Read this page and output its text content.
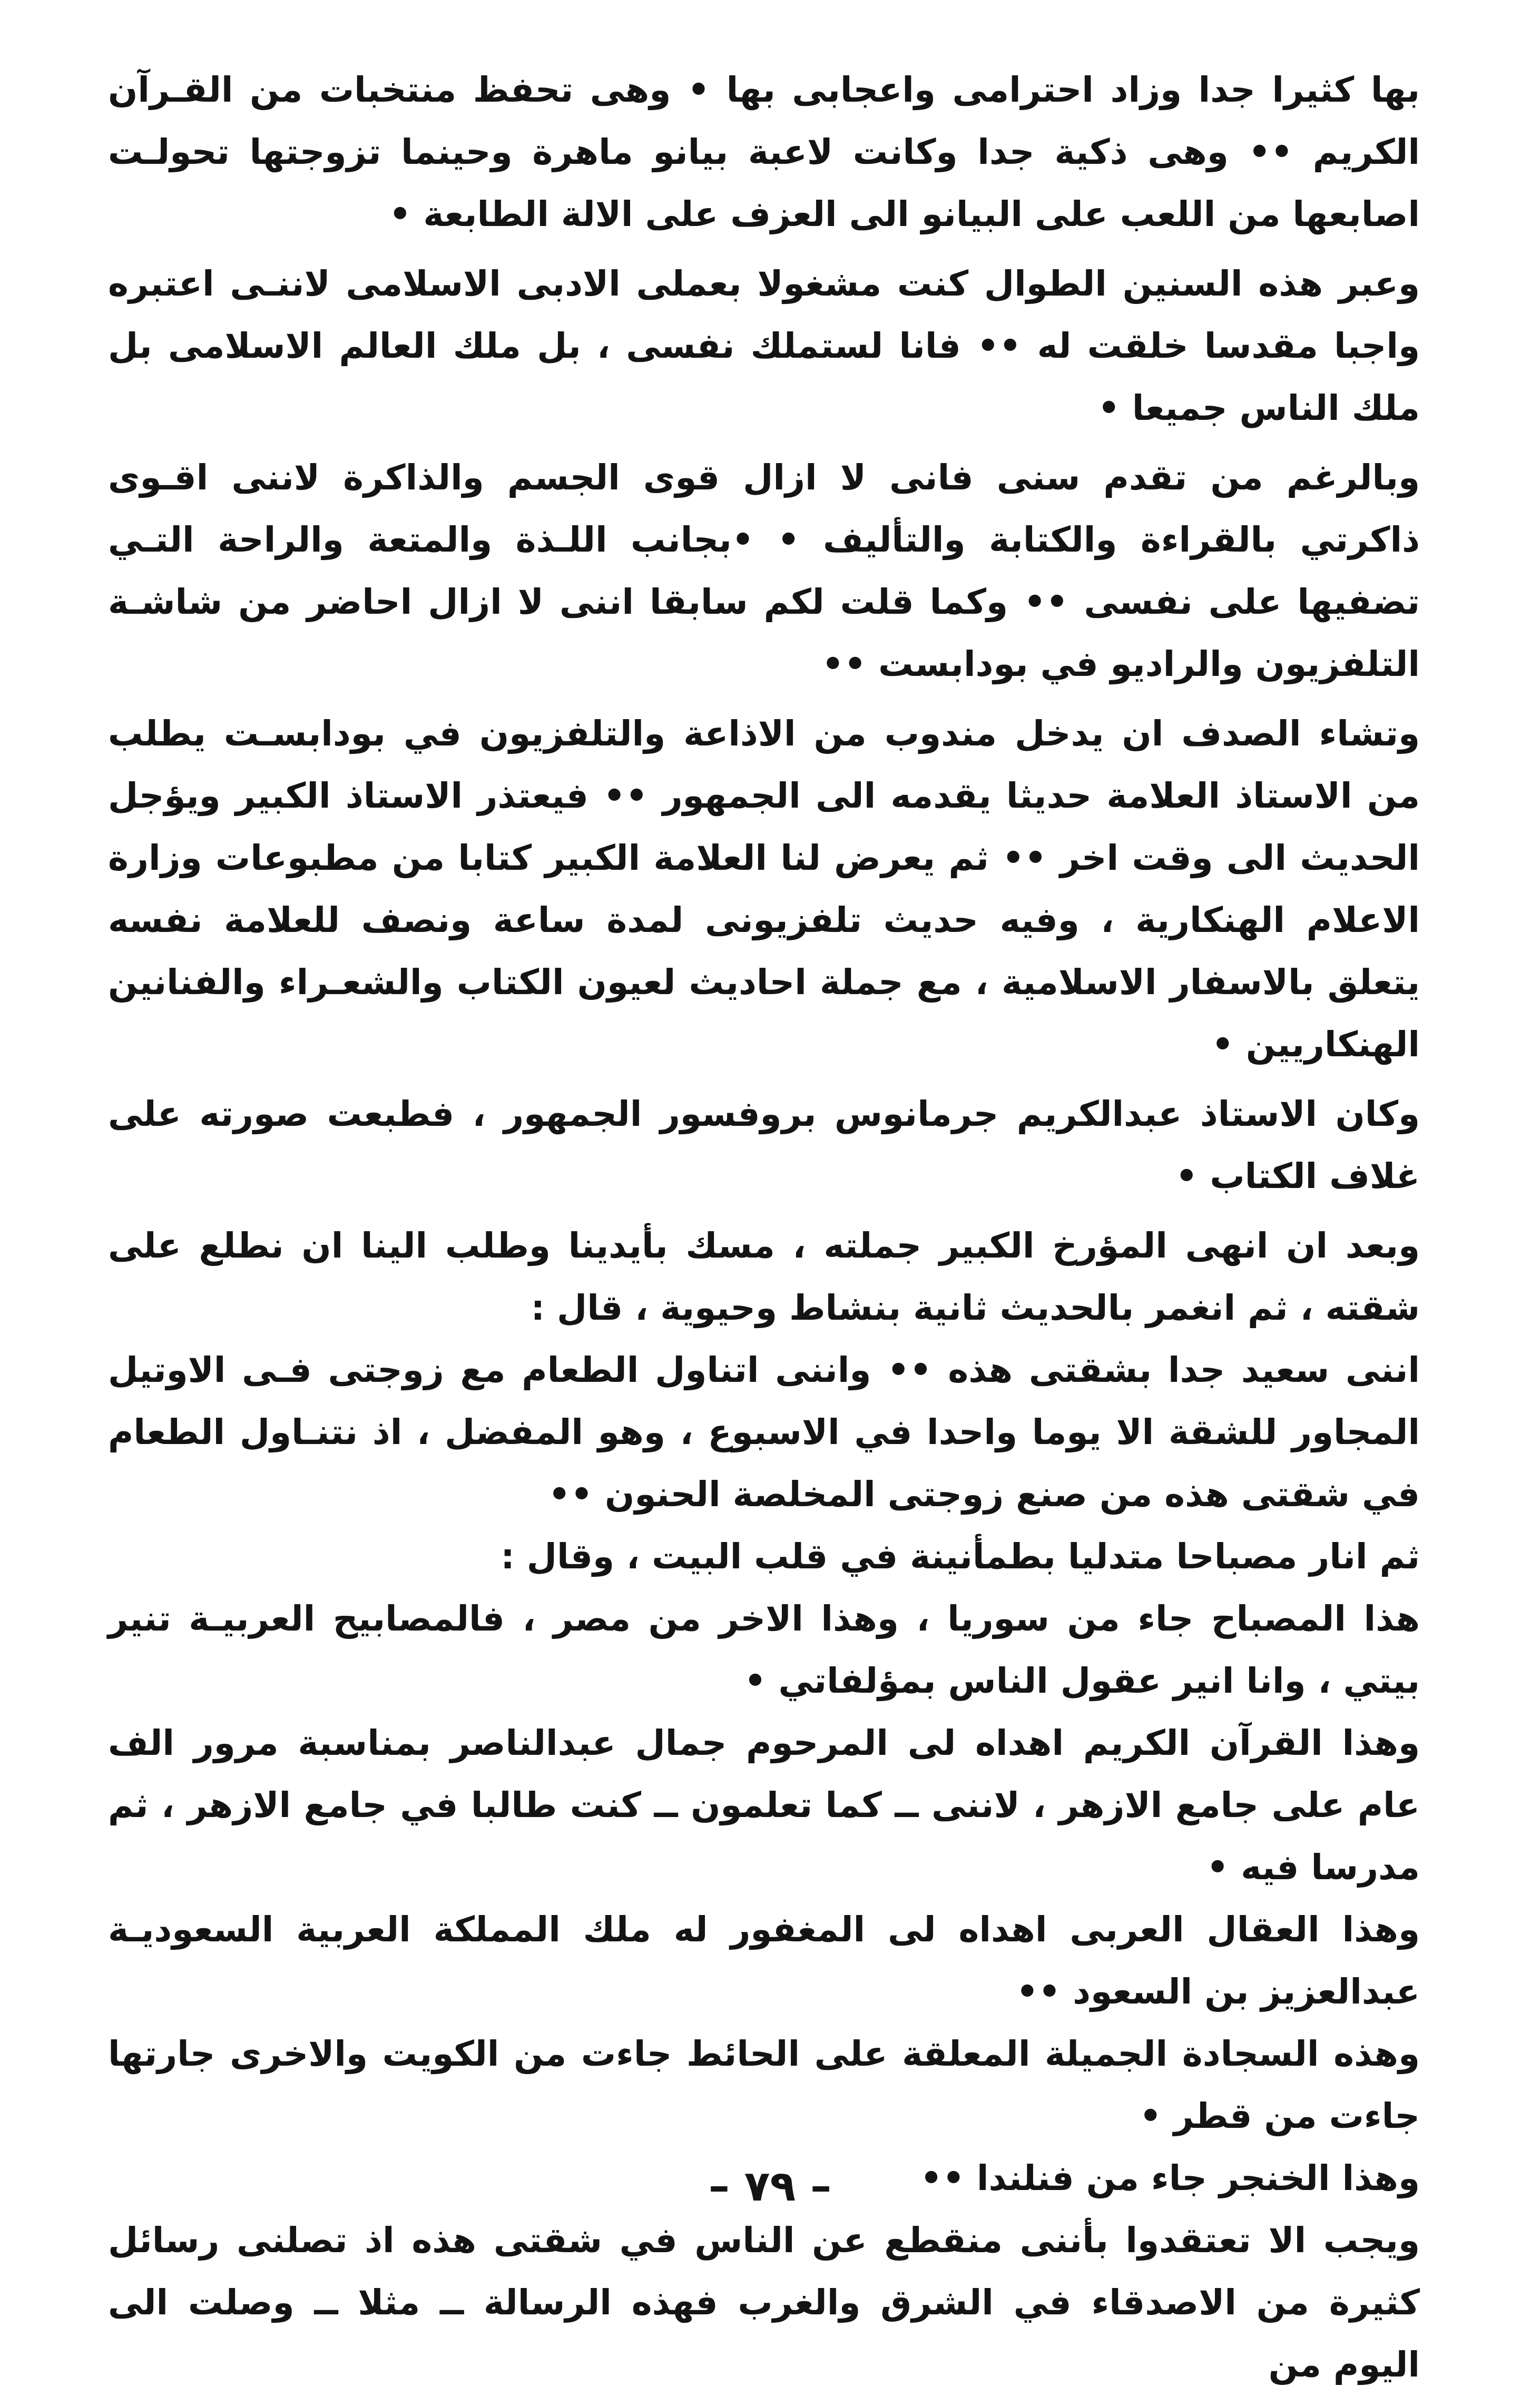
بها كثيرا جدا وزاد احترامى واعجابى بها • وهى تحفظ منتخبات من القـرآن الكريم •• وهى ذكية جدا وكانت لاعبة بيانو ماهرة وحينما تزوجتها تحولـت اصابعها من اللعب على البيانو الى العزف على الالة الطابعة •

وعبر هذه السنين الطوال كنت مشغولا بعملى الادبى الاسلامى لاننـى اعتبره واجبا مقدسا خلقت له •• فانا لستملك نفسى ، بل ملك العالم الاسلامى بل ملك الناس جميعا •

وبالرغم من تقدم سنى فانى لا ازال قوى الجسم والذاكرة لاننى اقـوى ذاكرتي بالقراءة والكتابة والتأليف • •بجانب اللـذة والمتعة والراحة التـي تضفيها على نفسى •• وكما قلت لكم سابقا اننى لا ازال احاضر من شاشـة التلفزيون والراديو في بودابست ••

وتشاء الصدف ان يدخل مندوب من الاذاعة والتلفزيون في بودابسـت يطلب من الاستاذ العلامة حديثا يقدمه الى الجمهور •• فيعتذر الاستاذ الكبير ويؤجل الحديث الى وقت اخر •• ثم يعرض لنا العلامة الكبير كتابا من مطبوعات وزارة الاعلام الهنكارية ، وفيه حديث تلفزيونى لمدة ساعة ونصف للعلامة نفسه يتعلق بالاسفار الاسلامية ، مع جملة احاديث لعيون الكتاب والشعـراء والفنانين الهنكاريين •

وكان الاستاذ عبدالكريم جرمانوس بروفسور الجمهور ، فطبعت صورته على غلاف الكتاب •

وبعد ان انهى المؤرخ الكبير جملته ، مسك بأيدينا وطلب الينا ان نطلع على شقته ، ثم انغمر بالحديث ثانية بنشاط وحيوية ، قال :

اننى سعيد جدا بشقتى هذه •• واننى اتناول الطعام مع زوجتى فـى الاوتيل المجاور للشقة الا يوما واحدا في الاسبوع ، وهو المفضل ، اذ نتنـاول الطعام في شقتى هذه من صنع زوجتى المخلصة الحنون ••

ثم انار مصباحا متدليا بطمأنينة في قلب البيت ، وقال :

هذا المصباح جاء من سوريا ، وهذا الاخر من مصر ، فالمصابيح العربيـة تنير بيتي ، وانا انير عقول الناس بمؤلفاتي •

وهذا القرآن الكريم اهداه لى المرحوم جمال عبدالناصر بمناسبة مرور الف عام على جامع الازهر ، لاننى ــ كما تعلمون ــ كنت طالبا في جامع الازهر ، ثم مدرسا فيه •

وهذا العقال العربى اهداه لى المغفور له ملك المملكة العربية السعوديـة عبدالعزيز بن السعود ••

وهذه السجادة الجميلة المعلقة على الحائط جاءت من الكويت والاخرى جارتها جاءت من قطر •

وهذا الخنجر جاء من فنلندا ••

ويجب الا تعتقدوا بأننى منقطع عن الناس في شقتى هذه اذ تصلنى رسائل كثيرة من الاصدقاء في الشرق والغرب فهذه الرسالة ــ مثلا ــ وصلت الى اليوم من

– ٧٩ –
